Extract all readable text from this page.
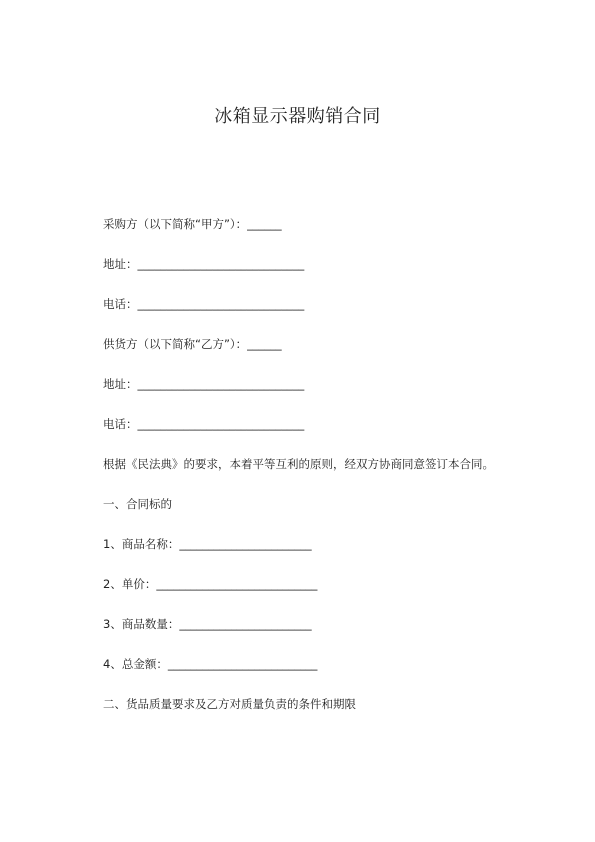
冰箱显示器购销合同
采购方（以下简称“甲方”）：______
地址：_____________________________
电话：_____________________________
供货方（以下简称“乙方”）：______
地址：_____________________________
电话：_____________________________
根据《民法典》的要求，本着平等互利的原则，经双方协商同意签订本合同。
一、合同标的
1、商品名称：_______________________
2、单价：____________________________
3、商品数量：_______________________
4、总金额：__________________________
二、货品质量要求及乙方对质量负责的条件和期限
